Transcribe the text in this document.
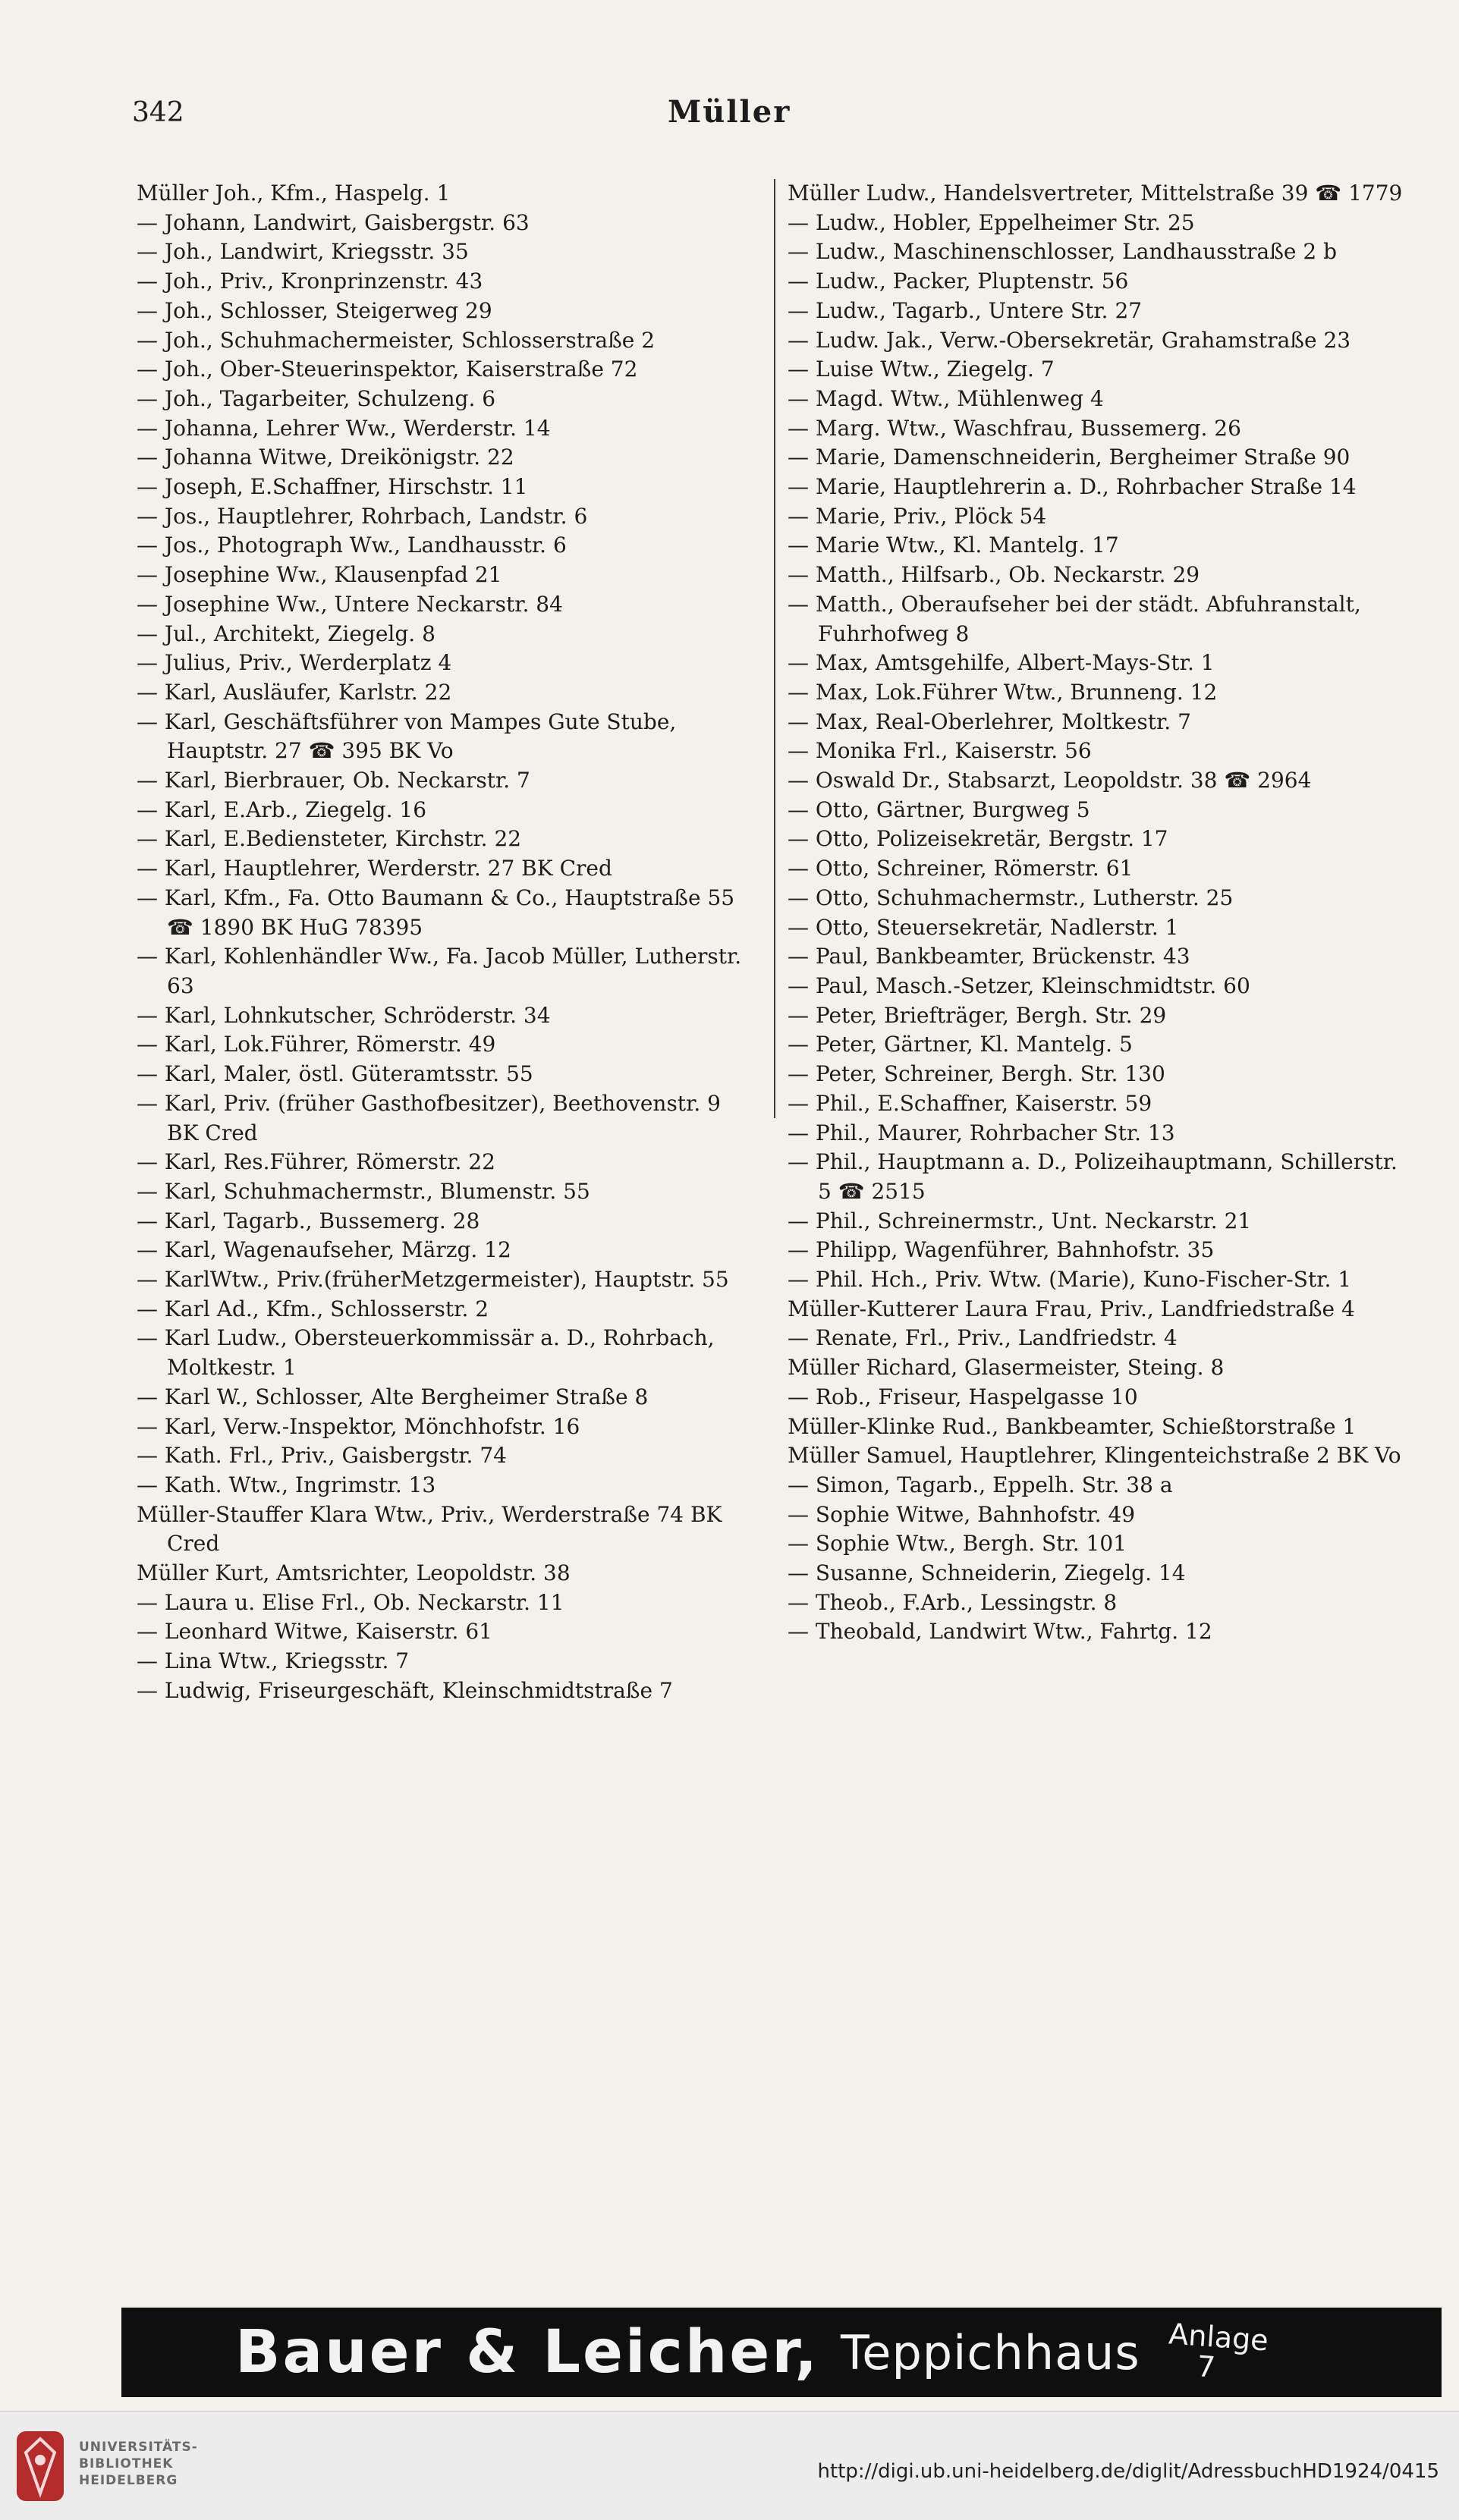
342	Müller
Müller Joh., Kfm., Haspelg. 1
— Johann, Landwirt, Gaisbergstr. 63
— Joh., Landwirt, Kriegsstr. 35
— Joh., Priv., Kronprinzenstr. 43
— Joh., Schlosser, Steigerweg 29
— Joh., Schuhmachermeister, Schlosserstraße 2
— Joh., Ober-Steuerinspektor, Kaiserstraße 72
— Joh., Tagarbeiter, Schulzeng. 6
— Johanna, Lehrer Ww., Werderstr. 14
— Johanna Witwe, Dreikönigstr. 22
— Joseph, E.Schaffner, Hirschstr. 11
— Jos., Hauptlehrer, Rohrbach, Landstr. 6
— Jos., Photograph Ww., Landhausstr. 6
— Josephine Ww., Klausenpfad 21
— Josephine Ww., Untere Neckarstr. 84
— Jul., Architekt, Ziegelg. 8
— Julius, Priv., Werderplatz 4
— Karl, Ausläufer, Karlstr. 22
— Karl, Geschäftsführer von Mampes Gute Stube, Hauptstr. 27 ☎ 395 BK Vo
— Karl, Bierbrauer, Ob. Neckarstr. 7
— Karl, E.Arb., Ziegelg. 16
— Karl, E.Bediensteter, Kirchstr. 22
— Karl, Hauptlehrer, Werderstr. 27 BK Cred
— Karl, Kfm., Fa. Otto Baumann & Co., Hauptstraße 55 ☎ 1890 BK HuG 78395
— Karl, Kohlenhändler Ww., Fa. Jacob Müller, Lutherstr. 63
— Karl, Lohnkutscher, Schröderstr. 34
— Karl, Lok.Führer, Römerstr. 49
— Karl, Maler, östl. Güteramtsstr. 55
— Karl, Priv. (früher Gasthofbesitzer), Beethovenstr. 9 BK Cred
— Karl, Res.Führer, Römerstr. 22
— Karl, Schuhmachermstr., Blumenstr. 55
— Karl, Tagarb., Bussemerg. 28
— Karl, Wagenaufseher, Märzg. 12
— KarlWtw., Priv.(früherMetzgermeister), Hauptstr. 55
— Karl Ad., Kfm., Schlosserstr. 2
— Karl Ludw., Obersteuerkommissär a. D., Rohrbach, Moltkestr. 1
— Karl W., Schlosser, Alte Bergheimer Straße 8
— Karl, Verw.-Inspektor, Mönchhofstr. 16
— Kath. Frl., Priv., Gaisbergstr. 74
— Kath. Wtw., Ingrimstr. 13
Müller-Stauffer Klara Wtw., Priv., Werderstraße 74 BK Cred
Müller Kurt, Amtsrichter, Leopoldstr. 38
— Laura u. Elise Frl., Ob. Neckarstr. 11
— Leonhard Witwe, Kaiserstr. 61
— Lina Wtw., Kriegsstr. 7
— Ludwig, Friseurgeschäft, Kleinschmidtstraße 7
Müller Ludw., Handelsvertreter, Mittelstraße 39 ☎ 1779
— Ludw., Hobler, Eppelheimer Str. 25
— Ludw., Maschinenschlosser, Landhausstraße 2 b
— Ludw., Packer, Pluptenstr. 56
— Ludw., Tagarb., Untere Str. 27
— Ludw. Jak., Verw.-Obersekretär, Grahamstraße 23
— Luise Wtw., Ziegelg. 7
— Magd. Wtw., Mühlenweg 4
— Marg. Wtw., Waschfrau, Bussemerg. 26
— Marie, Damenschneiderin, Bergheimer Straße 90
— Marie, Hauptlehrerin a. D., Rohrbacher Straße 14
— Marie, Priv., Plöck 54
— Marie Wtw., Kl. Mantelg. 17
— Matth., Hilfsarb., Ob. Neckarstr. 29
— Matth., Oberaufseher bei der städt. Abfuhranstalt, Fuhrhofweg 8
— Max, Amtsgehilfe, Albert-Mays-Str. 1
— Max, Lok.Führer Wtw., Brunneng. 12
— Max, Real-Oberlehrer, Moltkestr. 7
— Monika Frl., Kaiserstr. 56
— Oswald Dr., Stabsarzt, Leopoldstr. 38 ☎ 2964
— Otto, Gärtner, Burgweg 5
— Otto, Polizeisekretär, Bergstr. 17
— Otto, Schreiner, Römerstr. 61
— Otto, Schuhmachermstr., Lutherstr. 25
— Otto, Steuersekretär, Nadlerstr. 1
— Paul, Bankbeamter, Brückenstr. 43
— Paul, Masch.-Setzer, Kleinschmidtstr. 60
— Peter, Briefträger, Bergh. Str. 29
— Peter, Gärtner, Kl. Mantelg. 5
— Peter, Schreiner, Bergh. Str. 130
— Phil., E.Schaffner, Kaiserstr. 59
— Phil., Maurer, Rohrbacher Str. 13
— Phil., Hauptmann a. D., Polizeihauptmann, Schillerstr. 5 ☎ 2515
— Phil., Schreinermstr., Unt. Neckarstr. 21
— Philipp, Wagenführer, Bahnhofstr. 35
— Phil. Hch., Priv. Wtw. (Marie), Kuno-Fischer-Str. 1
Müller-Kutterer Laura Frau, Priv., Landfriedstraße 4
— Renate, Frl., Priv., Landfriedstr. 4
Müller Richard, Glasermeister, Steing. 8
— Rob., Friseur, Haspelgasse 10
Müller-Klinke Rud., Bankbeamter, Schießtorstraße 1
Müller Samuel, Hauptlehrer, Klingenteichstraße 2 BK Vo
— Simon, Tagarb., Eppelh. Str. 38 a
— Sophie Witwe, Bahnhofstr. 49
— Sophie Wtw., Bergh. Str. 101
— Susanne, Schneiderin, Ziegelg. 14
— Theob., F.Arb., Lessingstr. 8
— Theobald, Landwirt Wtw., Fahrtg. 12
Bauer & Leicher, Teppichhaus Anlage
7
UNIVERSITÄTS-
BIBLIOTHEK
HEIDELBERG	http://digi.ub.uni-heidelberg.de/diglit/AdressbuchHD1924/0415
